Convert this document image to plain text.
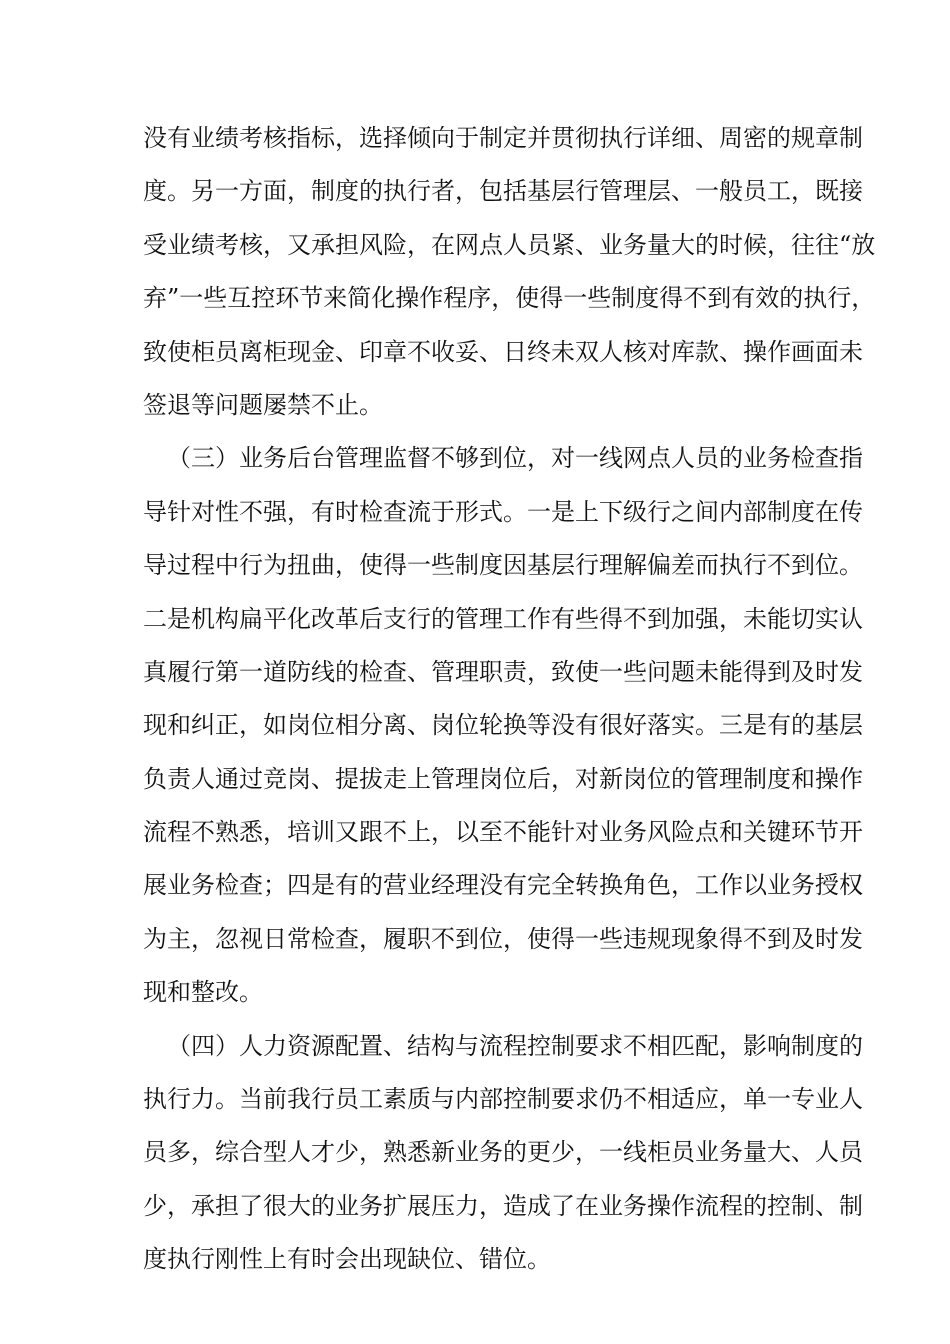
没有业绩考核指标，选择倾向于制定并贯彻执行详细、周密的规章制
度。另一方面，制度的执行者，包括基层行管理层、一般员工，既接
受业绩考核，又承担风险，在网点人员紧、业务量大的时候，往往“放
弃”一些互控环节来简化操作程序，使得一些制度得不到有效的执行，
致使柜员离柜现金、印章不收妥、日终未双人核对库款、操作画面未
签退等问题屡禁不止。
（三）业务后台管理监督不够到位，对一线网点人员的业务检查指
导针对性不强，有时检查流于形式。一是上下级行之间内部制度在传
导过程中行为扭曲，使得一些制度因基层行理解偏差而执行不到位。
二是机构扁平化改革后支行的管理工作有些得不到加强，未能切实认
真履行第一道防线的检查、管理职责，致使一些问题未能得到及时发
现和纠正，如岗位相分离、岗位轮换等没有很好落实。三是有的基层
负责人通过竞岗、提拔走上管理岗位后，对新岗位的管理制度和操作
流程不熟悉，培训又跟不上，以至不能针对业务风险点和关键环节开
展业务检查；四是有的营业经理没有完全转换角色，工作以业务授权
为主，忽视日常检查，履职不到位，使得一些违规现象得不到及时发
现和整改。
（四）人力资源配置、结构与流程控制要求不相匹配，影响制度的
执行力。当前我行员工素质与内部控制要求仍不相适应，单一专业人
员多，综合型人才少，熟悉新业务的更少，一线柜员业务量大、人员
少，承担了很大的业务扩展压力，造成了在业务操作流程的控制、制
度执行刚性上有时会出现缺位、错位。
